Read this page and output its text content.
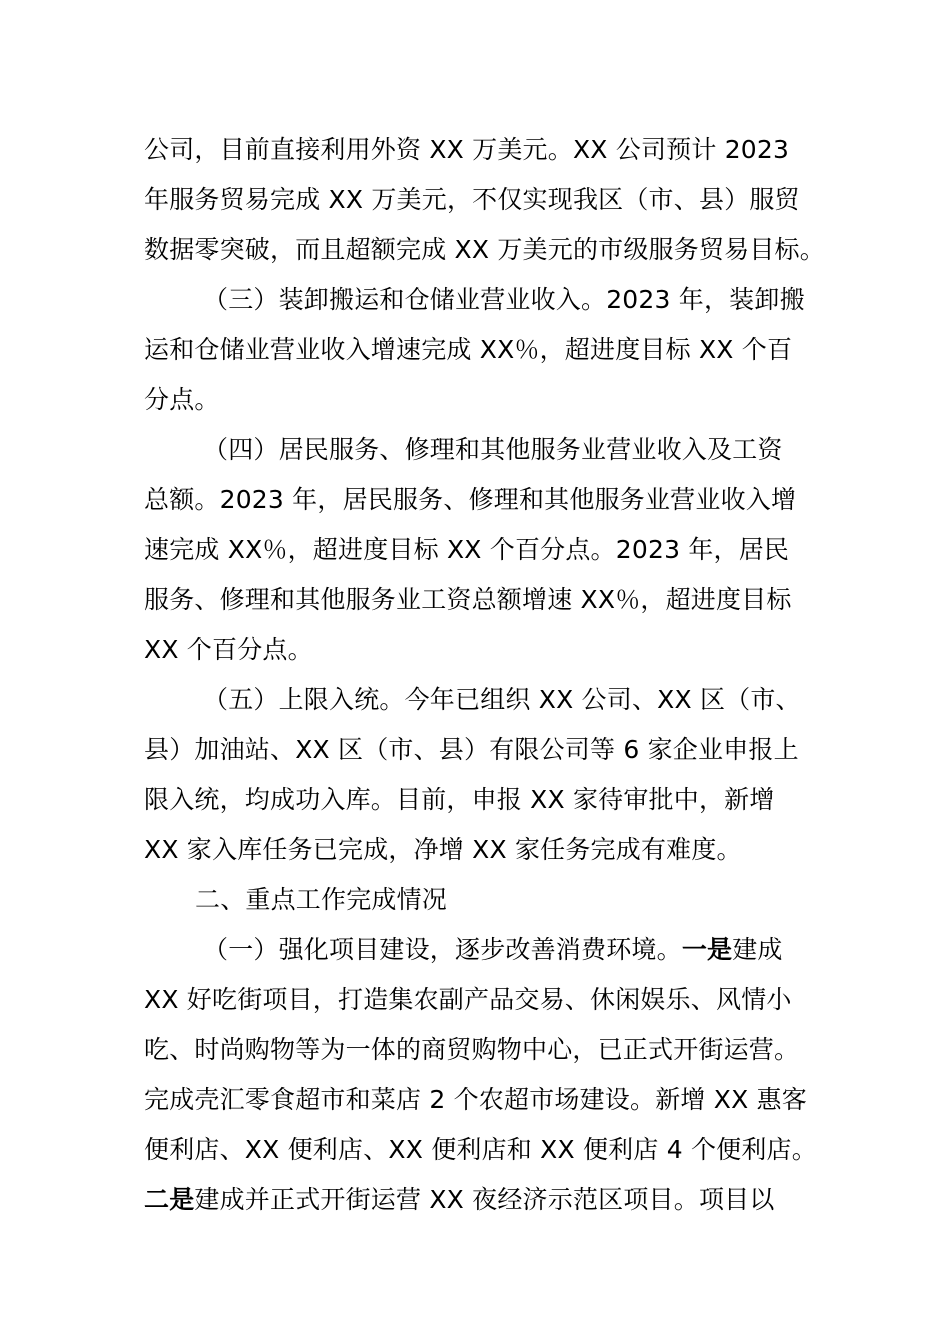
公司，目前直接利用外资 XX 万美元。XX 公司预计 2023
年服务贸易完成 XX 万美元，不仅实现我区（市、县）服贸
数据零突破，而且超额完成 XX 万美元的市级服务贸易目标。
（三）装卸搬运和仓储业营业收入。2023 年，装卸搬
运和仓储业营业收入增速完成 XX％，超进度目标 XX 个百
分点。
（四）居民服务、修理和其他服务业营业收入及工资
总额。2023 年，居民服务、修理和其他服务业营业收入增
速完成 XX％，超进度目标 XX 个百分点。2023 年，居民
服务、修理和其他服务业工资总额增速 XX％，超进度目标
XX 个百分点。
（五）上限入统。今年已组织 XX 公司、XX 区（市、
县）加油站、XX 区（市、县）有限公司等 6 家企业申报上
限入统，均成功入库。目前，申报 XX 家待审批中，新增
XX 家入库任务已完成，净增 XX 家任务完成有难度。
二、重点工作完成情况
（一）强化项目建设，逐步改善消费环境。一是建成
XX 好吃街项目，打造集农副产品交易、休闲娱乐、风情小
吃、时尚购物等为一体的商贸购物中心，已正式开街运营。
完成壳汇零食超市和菜店 2 个农超市场建设。新增 XX 惠客
便利店、XX 便利店、XX 便利店和 XX 便利店 4 个便利店。
二是建成并正式开街运营 XX 夜经济示范区项目。项目以
